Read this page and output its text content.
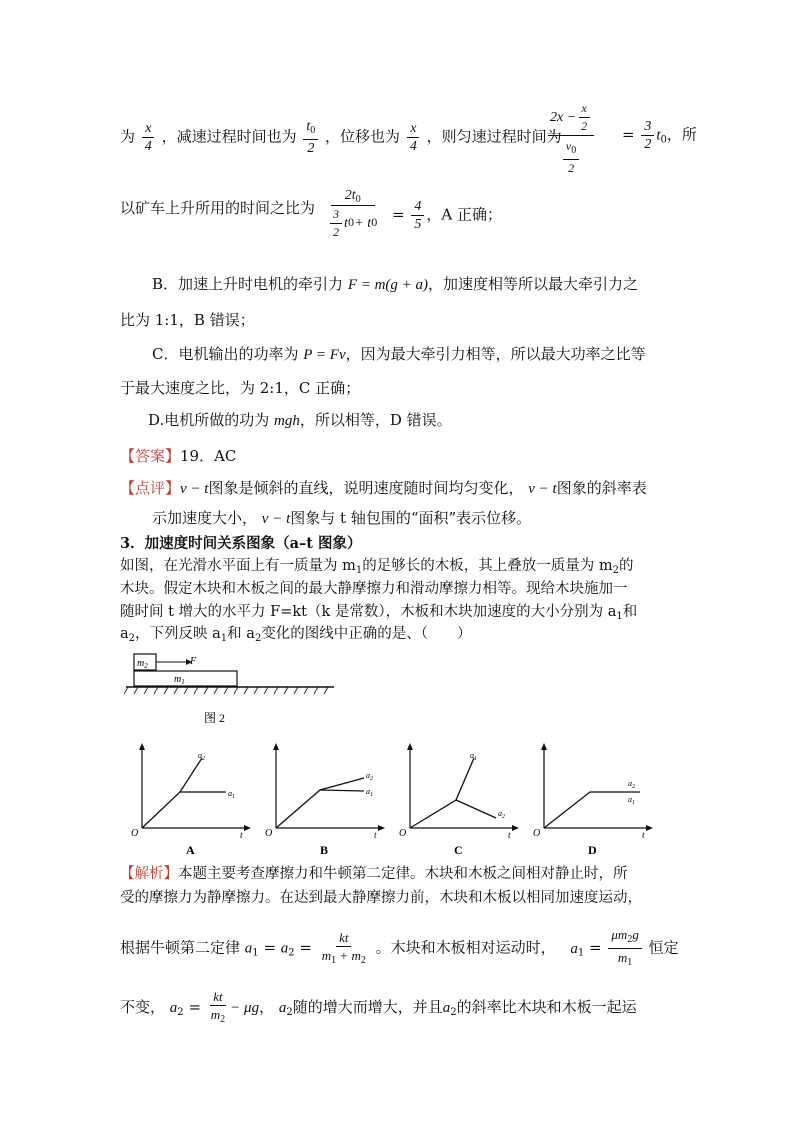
为 $\frac{x}{4}$ ，减速过程时间也为 $\frac{t_0}{2}$ ，位移也为 $\frac{x}{4}$ ，则匀速过程时间为
$2x - \frac{x}{2}$
$\frac{v_0}{2}$
= $\frac{3}{2} t_0$，所
以矿车上升所用的时间之比为
$2t_0$
$\frac{3}{2}$ t 0 + t $0 = \frac{4}{5}$ ，A 正确；
B．加速上升时电机的牵引力 F = m(g + a)，加速度相等所以最大牵引力之
比为 1:1，B 错误；
C．电机输出的功率为 P = Fv，因为最大牵引力相等，所以最大功率之比等
于最大速度之比，为 2:1，C 正确；
D.电机所做的功为 mgh，所以相等，D 错误。
【答案】19．AC
【点评】v − t图象是倾斜的直线，说明速度随时间均匀变化， v − t图象的斜率表
示加速度大小， v − t图象与 t 轴包围的“面积”表示位移。
3．加速度时间关系图象（a–t 图象）
如图，在光滑水平面上有一质量为 $m_1$的足够长的木板，其上叠放一质量为 $m_2$的
木块。假定木块和木板之间的最大静摩擦力和滑动摩擦力相等。现给木块施加一
随时间 t 增大的水平力 F=kt（k 是常数），木板和木块加速度的大小分别为 $a_1$和
$a_2$，下列反映 $a_1$和 $a_2$变化的图线中正确的是、（　　）
$m_2$	F
$m_1$
图 2
$a_2$
$a_1$
O	t
A
$a_2$
$a_1$
O	t
B
$a_1$
$a_2$
O	t
C
$a_2$
$a_1$
O	t
D
【解析】本题主要考查摩擦力和牛顿第二定律。木块和木板之间相对静止时，所
受的摩擦力为静摩擦力。在达到最大静摩擦力前，木块和木板以相同加速度运动，
根据牛顿第二定律 $a_1 = a_2 = \frac{kt}{m_1 + m_2}$ 。木块和木板相对运动时， $a_1 = \frac{\mu m_2g}{m_1}$ 恒定
不变， $a_2 = \frac{kt}{m_2} - \mu g$， $a_2$随的增大而增大，并且$a_2$的斜率比木块和木板一起运
